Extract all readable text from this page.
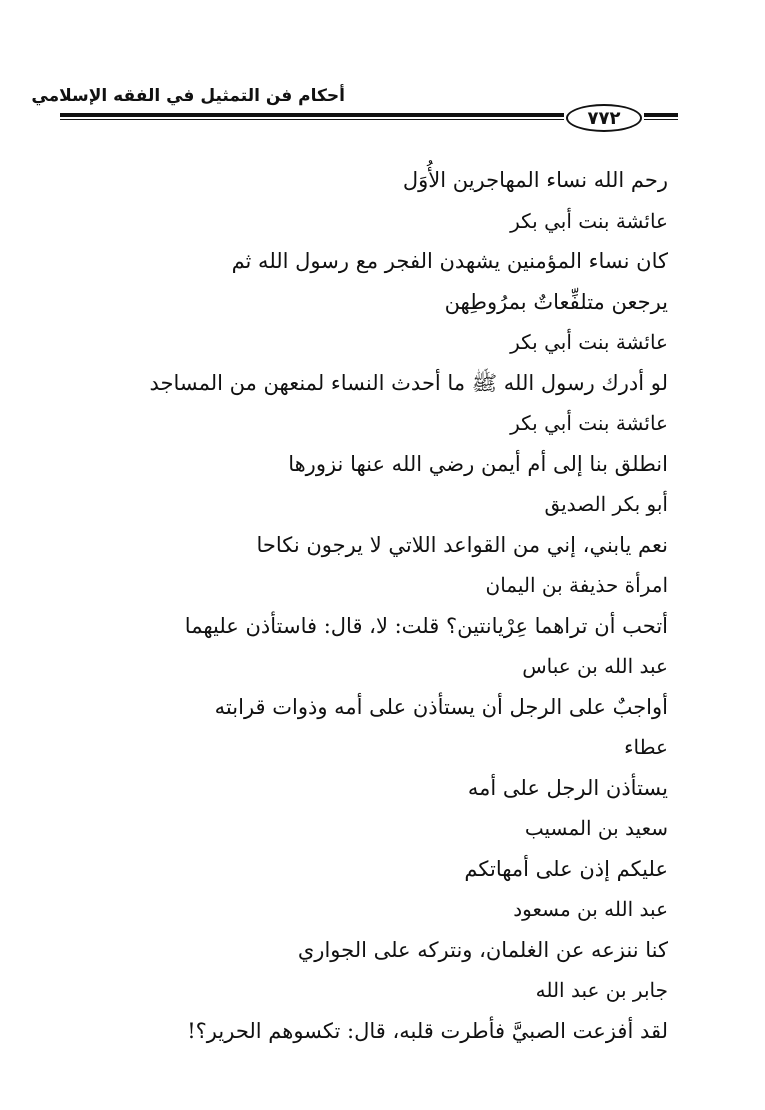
أحكام فن التمثيل في الفقه الإسلامي
٧٧٢
رحم الله نساء المهاجرين الأُوَل
عائشة بنت أبي بكر
كان نساء المؤمنين يشهدن الفجر مع رسول الله ثم
يرجعن متلفِّعاتٌ بمرُوطِهن
عائشة بنت أبي بكر
لو أدرك رسول الله ﷺ ما أحدث النساء لمنعهن من المساجد
عائشة بنت أبي بكر
انطلق بنا إلى أم أيمن رضي الله عنها نزورها
أبو بكر الصديق
نعم يابني، إني من القواعد اللاتي لا يرجون نكاحا
امرأة حذيفة بن اليمان
أتحب أن تراهما عِرْيانتين؟ قلت: لا، قال: فاستأذن عليهما
عبد الله بن عباس
أواجبٌ على الرجل أن يستأذن على أمه وذوات قرابته
عطاء
يستأذن الرجل على أمه
سعيد بن المسيب
عليكم إذن على أمهاتكم
عبد الله بن مسعود
كنا ننزعه عن الغلمان، ونتركه على الجواري
جابر بن عبد الله
لقد أفزعت الصبيَّ فأطرت قلبه، قال: تكسوهم الحرير؟!
